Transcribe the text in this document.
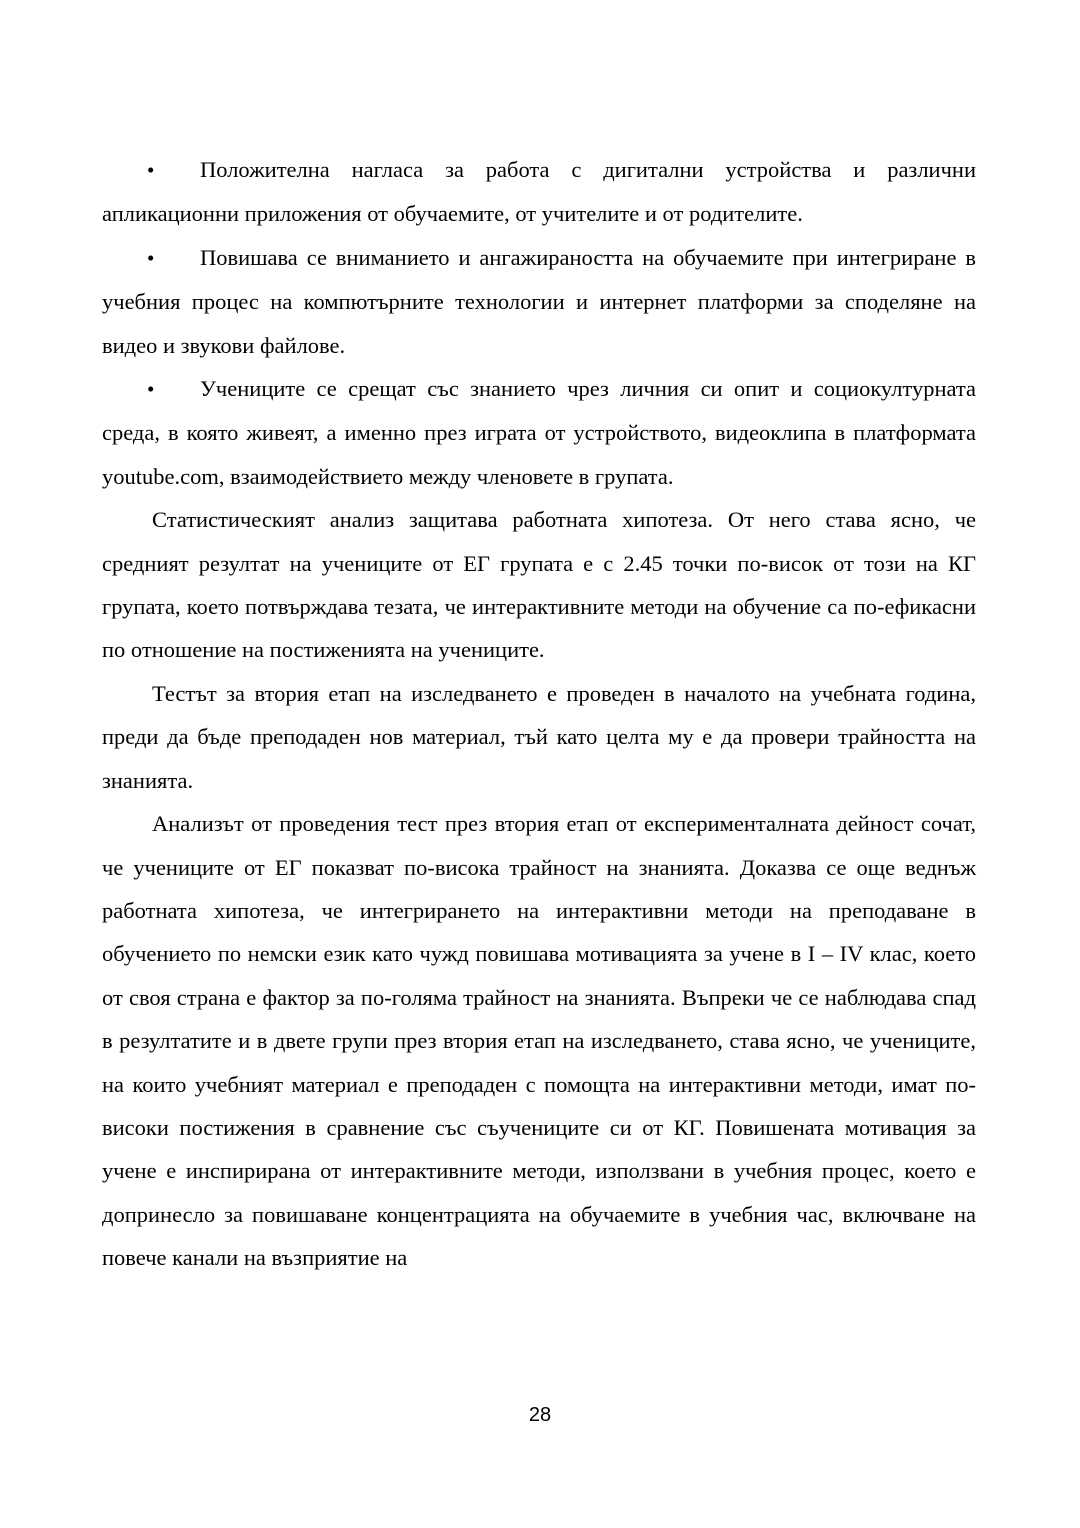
• Положителна нагласа за работа с дигитални устройства и различни апликационни приложения от обучаемите, от учителите и от родителите.

• Повишава се вниманието и ангажираността на обучаемите при интегриране в учебния процес на компютърните технологии и интернет платформи за споделяне на видео и звукови файлове.

• Учениците се срещат със знанието чрез личния си опит и социокултурната среда, в която живеят, а именно през играта от устройството, видеоклипа в платформата youtube.com, взаимодействието между членовете в групата.

Статистическият анализ защитава работната хипотеза. От него става ясно, че средният резултат на учениците от ЕГ групата е с 2.45 точки по-висок от този на КГ групата, което потвърждава тезата, че интерактивните методи на обучение са по-ефикасни по отношение на постиженията на учениците.

Тестът за втория етап на изследването е проведен в началото на учебната година, преди да бъде преподаден нов материал, тъй като целта му е да провери трайността на знанията.

Анализът от проведения тест през втория етап от експерименталната дейност сочат, че учениците от ЕГ показват по-висока трайност на знанията. Доказва се още веднъж работната хипотеза, че интегрирането на интерактивни методи на преподаване в обучението по немски език като чужд повишава мотивацията за учене в I – IV клас, което от своя страна е фактор за по-голяма трайност на знанията. Въпреки че се наблюдава спад в резултатите и в двете групи през втория етап на изследването, става ясно, че учениците, на които учебният материал е преподаден с помощта на интерактивни методи, имат по-високи постижения в сравнение със съучениците си от КГ. Повишената мотивация за учене е инспирирана от интерактивните методи, използвани в учебния процес, което е допринесло за повишаване концентрацията на обучаемите в учебния час, включване на повече канали на възприятие на

28
